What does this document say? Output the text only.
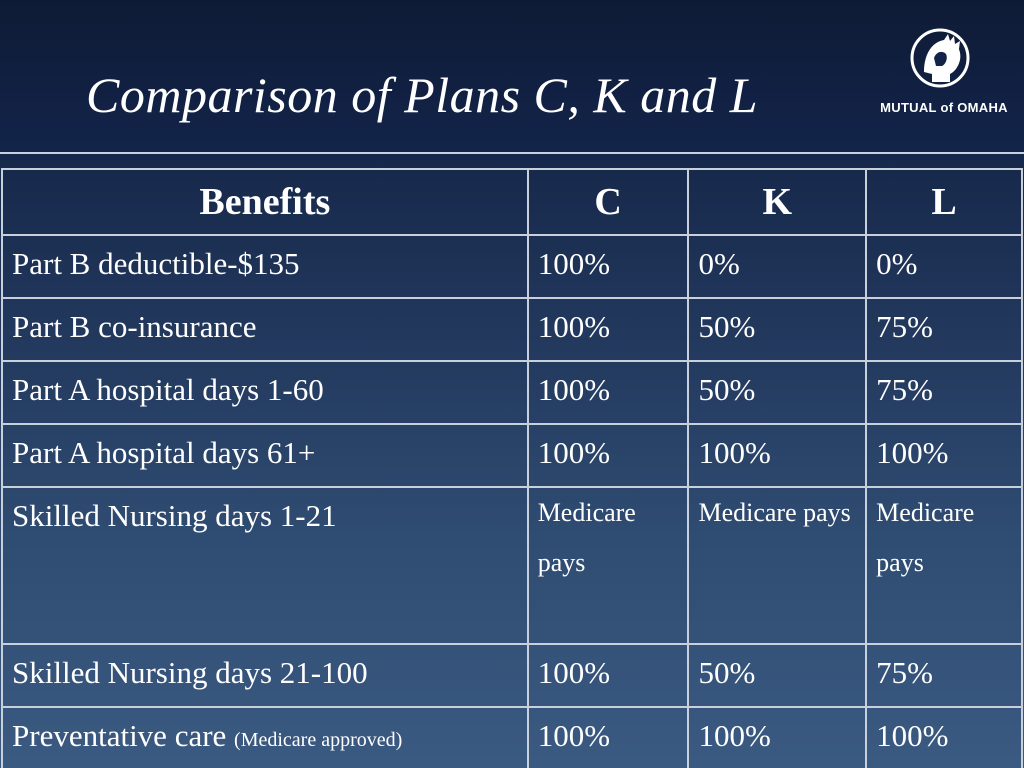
Comparison of Plans C, K and L	MUTUAL of OMAHA
Benefits	C	K	L
Part B deductible-$135	100%	0%	0%
Part B co-insurance	100%	50%	75%
Part A hospital days 1-60	100%	50%	75%
Part A hospital days 61+	100%	100%	100%
Skilled Nursing days 1-21	Medicare pays	Medicare pays	Medicare pays
Skilled Nursing days 21-100	100%	50%	75%
Preventative care (Medicare approved)	100%	100%	100%
